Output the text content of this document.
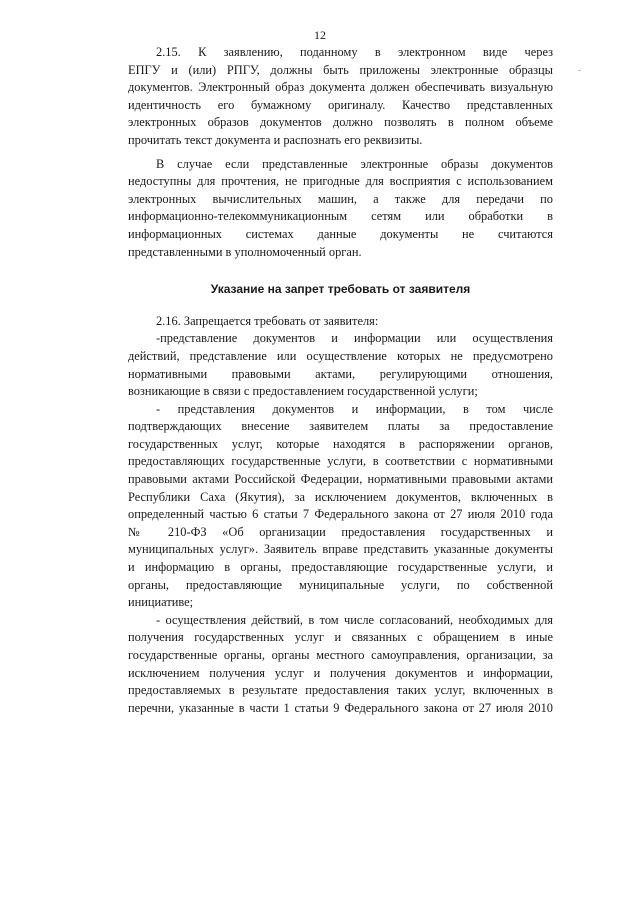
12
2.15. К заявлению, поданному в электронном виде через
ЕПГУ и (или) РПГУ, должны быть приложены электронные образцы
документов. Электронный образ документа должен обеспечивать визуальную
идентичность его бумажному оригиналу. Качество представленных
электронных образов документов должно позволять в полном объеме
прочитать текст документа и распознать его реквизиты.
В случае если представленные электронные образы документов
недоступны для прочтения, не пригодные для восприятия с использованием
электронных вычислительных машин, а также для передачи по
информационно-телекоммуникационным сетям или обработки в
информационных системах данные документы не считаются
представленными в уполномоченный орган.
Указание на запрет требовать от заявителя
2.16. Запрещается требовать от заявителя:
-представление документов и информации или осуществления
действий, представление или осуществление которых не предусмотрено
нормативными правовыми актами, регулирующими отношения,
возникающие в связи с предоставлением государственной услуги;
- представления документов и информации, в том числе
подтверждающих внесение заявителем платы за предоставление
государственных услуг, которые находятся в распоряжении органов,
предоставляющих государственные услуги, в соответствии с нормативными
правовыми актами Российской Федерации, нормативными правовыми актами
Республики Саха (Якутия), за исключением документов, включенных в
определенный частью 6 статьи 7 Федерального закона от 27 июля 2010 года
№ 210-ФЗ «Об организации предоставления государственных и
муниципальных услуг». Заявитель вправе представить указанные документы
и информацию в органы, предоставляющие государственные услуги, и
органы, предоставляющие муниципальные услуги, по собственной
инициативе;
- осуществления действий, в том числе согласований, необходимых для
получения государственных услуг и связанных с обращением в иные
государственные органы, органы местного самоуправления, организации, за
исключением получения услуг и получения документов и информации,
предоставляемых в результате предоставления таких услуг, включенных в
перечни, указанные в части 1 статьи 9 Федерального закона от 27 июля 2010
